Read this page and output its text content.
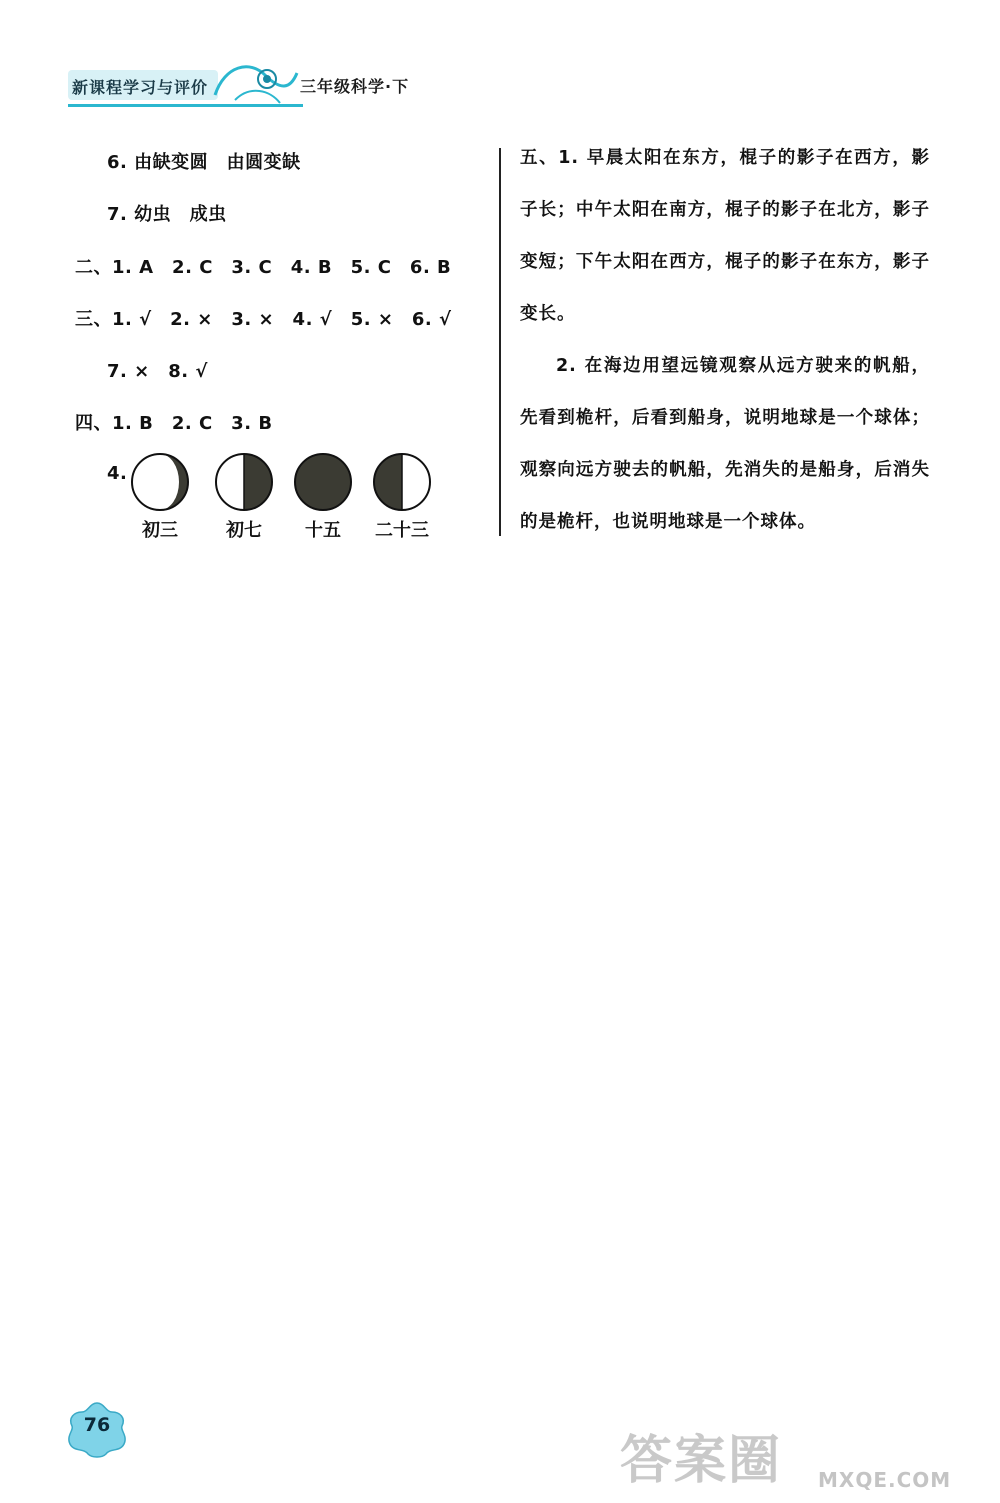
新课程学习与评价	三年级科学·下
6. 由缺变圆　由圆变缺
7. 幼虫　成虫
二、1. A　2. C　3. C　4. B　5. C　6. B
三、1. √　2. ×　3. ×　4. √　5. ×　6. √
7. ×　8. √
四、1. B　2. C　3. B
4.
初三	初七	十五	二十三
五、1. 早晨太阳在东方，棍子的影子在西方，影子长；中午太阳在南方，棍子的影子在北方，影子变短；下午太阳在西方，棍子的影子在东方，影子变长。
2. 在海边用望远镜观察从远方驶来的帆船，先看到桅杆，后看到船身，说明地球是一个球体；观察向远方驶去的帆船，先消失的是船身，后消失的是桅杆，也说明地球是一个球体。
76
答案圈 MXQE.COM
